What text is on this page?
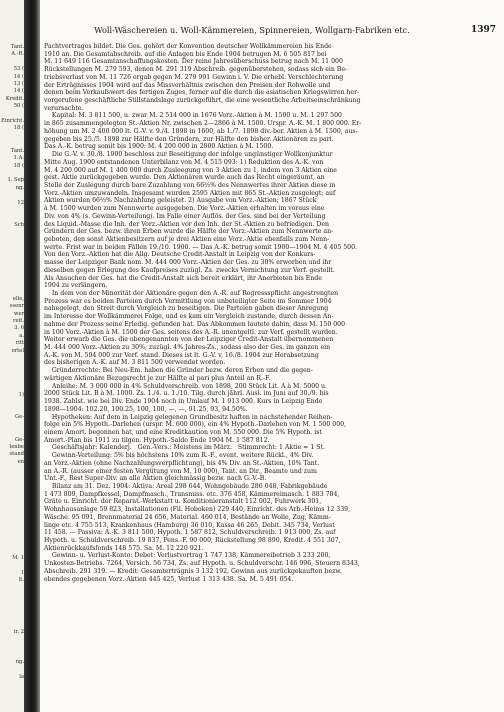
Tant.
A.-R.

53 (
14 (
13 (
14 (
Kredit.
50 (

Einricht.
18 (

Tant.
1.A.
18 (

1. Sep
ng.

12

Sch

elle,
ssenr
wer
reit.
3. 6
a.
ritt
ortel

1)

Ge-

Ge-
lenbe
stand
en

M. 1

1
lt.

ir. 2

ng.

la

Woll-Wäschereien u. Woll-Kämmereien, Spinnereien, Wollgarn-Fabriken etc.	1397
Pachtvertrages bildet. Die Ges. gehört der Konvention deutscher Wollkämmereien bis Ende
1910 an. Die Gesamtabschreib. auf die Anlagen bis Ende 1904 betrugen M. 6 505 817 bei
M. 11 649 116 Gesamtanschaffungskosten. Der reine Jahresüberschuss betrug nach M. 11 000
Rückstellungen M. 279 593, denen M. 291 319 Abschreib. gegenüberstehen, sodass sich ein Be-
triebsverlust von M. 11 726 ergab gegen M. 279 991 Gewinn i. V. Die erhebl. Verschlechterung
der Erträgnisses 1904 wird auf das Missverhältnis zwischen den Preisen der Rohwolle und
denen beim Verkaufswert des fertigen Zuges, ferner auf die durch die asiatischen Kriegswirren her-
vorgerufene geschäftliche Stillstandslage zurückgeführt, die eine wesentliche Arbeitseinschränkung
verursachte.
Kapital: M. 3 811 500, u. zwar M. 2 514 000 in 1676 Vorz.-Aktien à M. 1500 u. M. 1 297 500
in 865 zusammengelegten St.-Aktien Nr. zwischen 2—2866 à M. 1500. Urspr. A.-K. M. 1 800 000. Er-
höhung um M. 2 400 000 lt. G.-V. v. 9./4. 1898 in 1600, ab 1./7. 1898 div.-ber. Aktien à M. 1500, aus-
gegeben bis 25./5. 1898 zur Hälfte den Gründern, zur Hälfte den bisher. Aktionären zu pari.
Das A.-K. betrug somit bis 1900: M. 4 200 000 in 2800 Aktien à M. 1500.
Die G.-V. v. 30./8. 1900 beschloss zur Beseitigung der infolge ungünstiger Wollkonjunktur
Mitte Aug. 1900 entstandenen Unterbilanz von M. 4 515 093: 1) Reduktion des A.-K. von
M. 4 200 000 auf M. 1 400 000 durch Zusleegung von 3 Aktien zu 1, indem von 3 Aktien eine
gest. Aktie zurückgegeben wurde. Den Aktionären wurde auch das Recht eingeräumt, an
Stelle der Zuslegung durch bare Zuzahlung von 66⅔% des Nennwertes ihrer Aktien diese in
Vorz.-Aktien umzuwandeln. Insgesamt wurden 2595 Aktien mit 865 St.-Aktien zusgelegt; auf
Aktien wurden 66⅔% Nachzahlung geleistet. 2) Ausgabe von Vorz.-Aktien; 1867 Stück
à M. 1500 wurden zum Nennwerte ausgegeben. Die Vorz.-Aktien erhalten im voraus eine
Div. von 4% (s. Gewinn-Verteilung). Im Falle einer Auflös. der Ges. sind bei der Verteilung
des Liquid.-Masse die Inh. der Vorz.-Aktien vor den Inh. der St.-Aktien zu befriedigen. Den
Gründern der Ges. bezw. ihren Erben wurde die Hälfte der Vorz.-Aktien zum Nennwerte an-
geboten, den sonst Aktienbesitzern auf je drei Aktien eine Vorz.-Aktie ebenfalls zum Nenn-
werte. Frist war in beiden Fällen 19./10. 1900. — Das A.-K. betrug somit 1900—1904 M. 4 405 500.
Von den Vorz.-Aktien hat die Allg. Deutsche Credit-Anstalt in Leipzig von der Konkurs-
masse der Leipziger Bank nom. M. 444 000 Vorz.-Aktien der Ges. zu 30% erworben und ihr
dieselben gegen Erlegung des Kaufpreises zuzügl. Zs. zwecks Vernichtung zur Verf. gestellt.
Als Ansuchen der Ges. hat die Credit-Anstalt sich bereit erklärt, ihr Anerbieten bis Ende
1904 zu verlängern.
In dem von der Minorität der Aktionäre gegen den A.-R. auf Regressspflicht angestrengten
Prozess war es beiden Parteien durch Vermittlung von unbeteiligter Seite im Sommer 1904
nahegelegt, den Streit durch Vergleich zu beseitigen. Die Parteien gaben dieser Anregung
im Interesse der Wollkämmerei Folge, und es kam ein Vergleich zustande, durch dessen An-
nahme der Prozess seine Erledig. gefunden hat. Das Abkommen lautete dahin, dass M. 150 000
in 100 Vorz.-Aktien à M. 1500 der Ges. seitens des A.-R. unentgeltl. zur Verf. gestellt wurden.
Weiter erwarb die Ges. die obengenannten von der Leipziger Credit-Anstalt übernommenen
M. 444 000 Vorz.-Aktien zu 30%, zuzügl. 4% Jahres-Zs., sodass also der Ges. im ganzen ein
A.-K. von M. 594 000 zur Verf. stand. Dieses ist lt. G.-V. v. 16./8. 1904 zur Herabsetzung
des bisherigen A.-K. auf M. 3 811 500 verwendet worden.
Gründerrechte: Bei Neu-Em. haben die Gründer bezw. deren Erben und die gegen-
wärtigen Aktionäre Bezugsrecht je zur Hälfte al pari plus Anteil an R.-F.
Anleihe: M. 3 000 000 in 4% Schuldverschreib. von 1898, 200 Stück Lit. A à M. 5000 u.
2000 Stück Lit. B à M. 1000. Zs. 1./4. u. 1./10. Tilg. durch jährl. Ausl. im Juni auf 30./9. bis
1938. Zahlst. wie bei Div. Ende 1904 noch in Umlauf M. 1 913 000. Kurs in Leipzig Ende
1898—1904: 102.20, 100.25, 100, 100, —, —, 91.25, 93, 94.50%.
Hypotheken: Auf dem in Leipzig gelegenen Grundbesitz haften in nachstehender Reihen-
folge ein 5% Hypoth.-Darlehen (urspr. M. 600 000), ein 4% Hypoth.-Darlehen von M. 1 500 000,
einem Amort. begonnen hat, und eine Kreditkaution von M. 550 000. Die 5% Hypoth. ist
Amort.-Plan bis 1911 zu tilgen. Hypoth.-Saldo Ende 1904 M. 1 587 812.
Geschäftsjahr: Kalenderj.   Gen.-Vers.: Meistens im März.   Stimmrecht: 1 Aktie = 1 St.
Gewinn-Verteilung: 5% bis höchstens 10% zum R.-F., event. weitere Rückl., 4% Div.
an Vorz.-Aktien (ohne Nachzahlungsverpflichtung), bis 4% Div. an St.-Aktien, 10% Tant.
an A.-R. (ausser einer festen Vergütung von M. 10 000), Tant. an Dir., Beamte und zum
Unt.-F., Rest Super-Div. an alle Aktien gleichmässig bezw. nach G.-V.-B.
Bilanz am 31. Dez. 1904: Aktiva: Areal 298 644, Wohngebäude 286 048, Fabrikgebäude
1 473 809, Dampfkessel, Dampfmasch., Transmiss. etc. 376 458, Kämmereimasch. 1 883 784,
Gräte u. Einricht. der Reparat.-Werkstatt u. Konditionieranstalt 112 002, Fuhrwerk 301,
Wohnhausanlage 59 823, Installationen (Fil. Hoboken) 229 440, Einricht. des Arb.-Heims 12 339,
Wäsche. 95 091, Brennmaterial 24 656, Material. 460 014, Bestände an Wolle, Zug, Kämm-
linge etc. 4 755 513, Krankenhaus (Hamburg) 36 010, Kassa 46 265, Debit. 345 734, Verlust
11 458. — Passiva: A.-K. 3 811 500, Hypoth. 1 587 812, Schuldverschreib. 1 913 000, Zs. auf
Hypoth. u. Schuldverschreib. 19 837, Pens.-F. 90 000, Rückstellung 98 890, Kredit. 4 551 307,
Aktienrückkaufsfonds 148 575. Sa. M. 12 220 921.
Gewinn- u. Verlust-Konto: Debet: Verlustvortrag 1 747 138, Kämmereibetrieb 3 233 200,
Unkosten-Betriebs. 7264, Versich. 56 734, Zs. auf Hypoth. u. Schuldverschr. 146 996, Steuern 8343,
Abschreib. 291 319. — Kredit: Gesamterträgnis 3 132 192, Gewinn aus zurückgekauften bezw.
ebendes gegebenen Vorz.-Aktien 445 425, Verlust 1 313 438. Sa. M. 5 491 054.
